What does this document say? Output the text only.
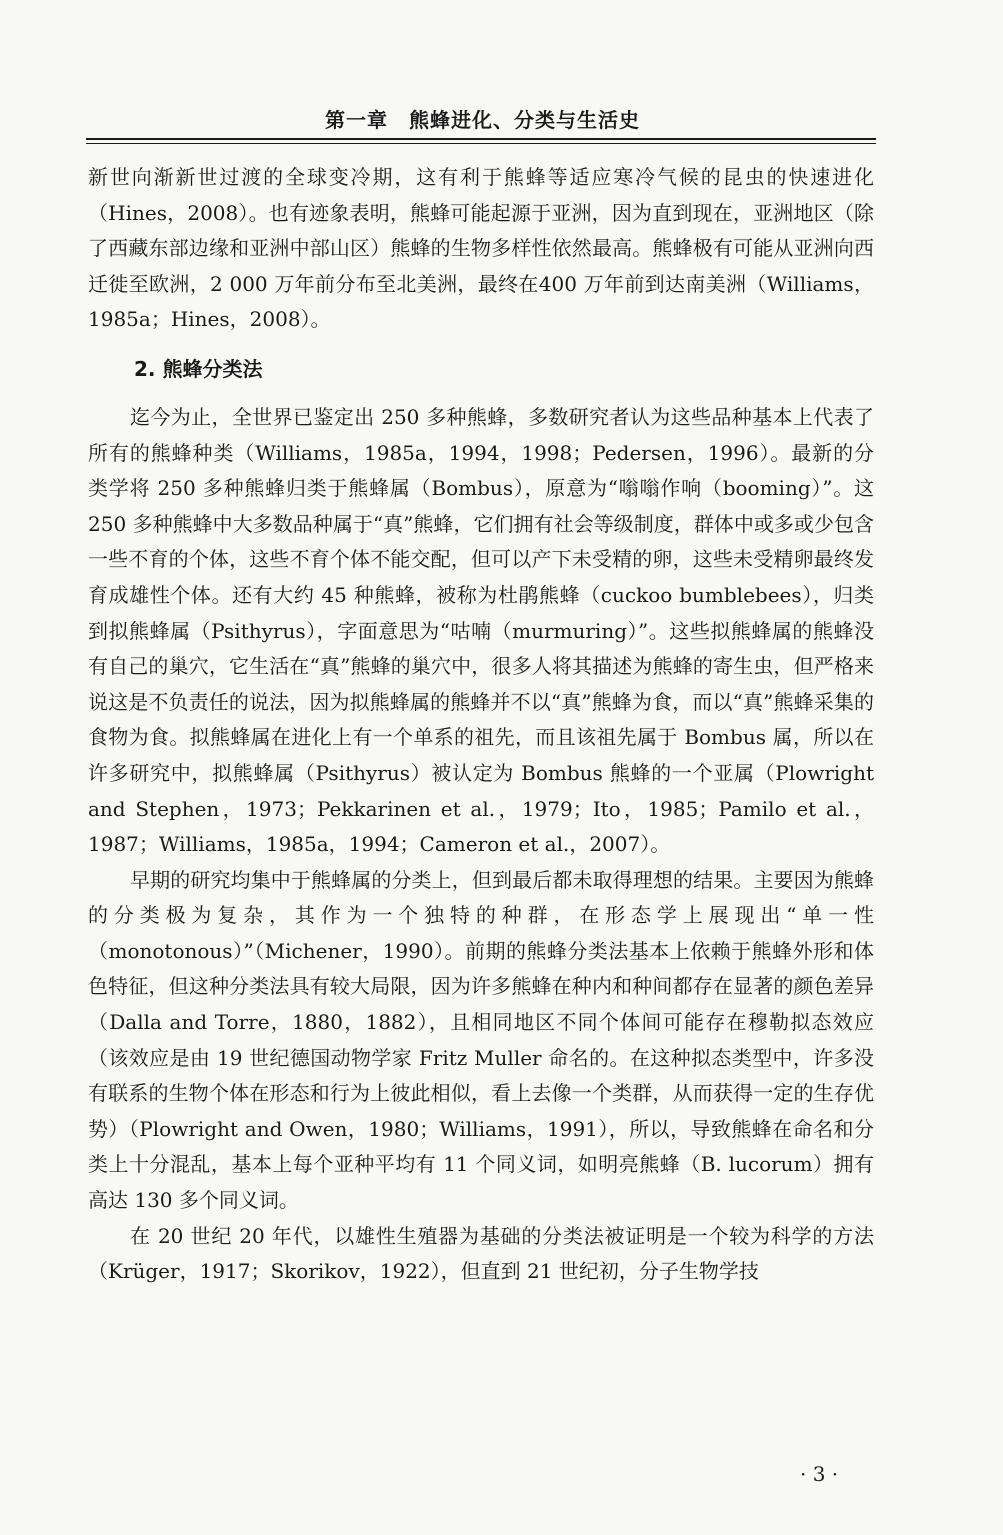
第一章　熊蜂进化、分类与生活史

新世向渐新世过渡的全球变冷期，这有利于熊蜂等适应寒冷气候的昆虫的快速进化（Hines，2008）。也有迹象表明，熊蜂可能起源于亚洲，因为直到现在，亚洲地区（除了西藏东部边缘和亚洲中部山区）熊蜂的生物多样性依然最高。熊蜂极有可能从亚洲向西迁徙至欧洲，2 000 万年前分布至北美洲，最终在400 万年前到达南美洲（Williams，1985a；Hines，2008）。

2. 熊蜂分类法

迄今为止，全世界已鉴定出 250 多种熊蜂，多数研究者认为这些品种基本上代表了所有的熊蜂种类（Williams，1985a，1994，1998；Pedersen，1996）。最新的分类学将 250 多种熊蜂归类于熊蜂属（Bombus），原意为“嗡嗡作响（booming）”。这 250 多种熊蜂中大多数品种属于“真”熊蜂，它们拥有社会等级制度，群体中或多或少包含一些不育的个体，这些不育个体不能交配，但可以产下未受精的卵，这些未受精卵最终发育成雄性个体。还有大约 45 种熊蜂，被称为杜鹃熊蜂（cuckoo bumblebees），归类到拟熊蜂属（Psithyrus），字面意思为“咕喃（murmuring）”。这些拟熊蜂属的熊蜂没有自己的巢穴，它生活在“真”熊蜂的巢穴中，很多人将其描述为熊蜂的寄生虫，但严格来说这是不负责任的说法，因为拟熊蜂属的熊蜂并不以“真”熊蜂为食，而以“真”熊蜂采集的食物为食。拟熊蜂属在进化上有一个单系的祖先，而且该祖先属于 Bombus 属，所以在许多研究中，拟熊蜂属（Psithyrus）被认定为 Bombus 熊蜂的一个亚属（Plowright and Stephen，1973；Pekkarinen et al.，1979；Ito，1985；Pamilo et al.，1987；Williams，1985a，1994；Cameron et al.，2007）。

早期的研究均集中于熊蜂属的分类上，但到最后都未取得理想的结果。主要因为熊蜂的分类极为复杂，其作为一个独特的种群，在形态学上展现出“单一性（monotonous）”（Michener，1990）。前期的熊蜂分类法基本上依赖于熊蜂外形和体色特征，但这种分类法具有较大局限，因为许多熊蜂在种内和种间都存在显著的颜色差异（Dalla and Torre，1880，1882），且相同地区不同个体间可能存在穆勒拟态效应（该效应是由 19 世纪德国动物学家 Fritz Muller 命名的。在这种拟态类型中，许多没有联系的生物个体在形态和行为上彼此相似，看上去像一个类群，从而获得一定的生存优势）（Plowright and Owen，1980；Williams，1991），所以，导致熊蜂在命名和分类上十分混乱，基本上每个亚种平均有 11 个同义词，如明亮熊蜂（B. lucorum）拥有高达 130 多个同义词。

在 20 世纪 20 年代，以雄性生殖器为基础的分类法被证明是一个较为科学的方法（Krüger，1917；Skorikov，1922），但直到 21 世纪初，分子生物学技

· 3 ·
